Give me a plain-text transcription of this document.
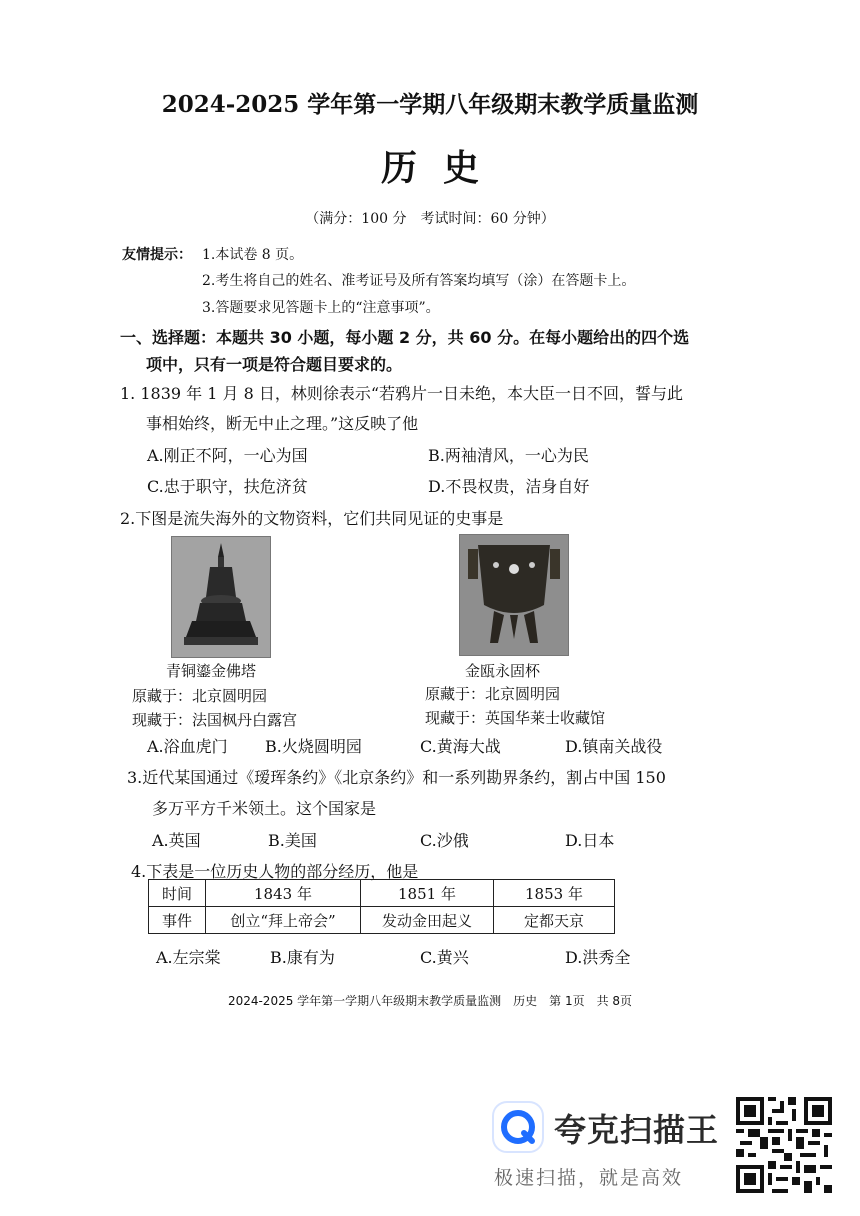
2024-2025 学年第一学期八年级期末教学质量监测
历史
（满分：100 分　考试时间：60 分钟）
友情提示： 1.本试卷 8 页。
2.考生将自己的姓名、准考证号及所有答案均填写（涂）在答题卡上。
3.答题要求见答题卡上的“注意事项”。
一、选择题：本题共 30 小题，每小题 2 分，共 60 分。在每小题给出的四个选
项中，只有一项是符合题目要求的。
1. 1839 年 1 月 8 日，林则徐表示“若鸦片一日未绝，本大臣一日不回，誓与此
事相始终，断无中止之理。”这反映了他
A.刚正不阿，一心为国	B.两袖清风，一心为民
C.忠于职守，扶危济贫	D.不畏权贵，洁身自好
2.下图是流失海外的文物资料，它们共同见证的史事是
青铜鎏金佛塔
原藏于：北京圆明园
现藏于：法国枫丹白露宫
金瓯永固杯
原藏于：北京圆明园
现藏于：英国华莱士收藏馆
A.浴血虎门 B.火烧圆明园	C.黄海大战	D.镇南关战役
3.近代某国通过《瑷珲条约》《北京条约》和一系列勘界条约，割占中国 150
多万平方千米领土。这个国家是
A.英国	B.美国	C.沙俄	D.日本
4.下表是一位历史人物的部分经历，他是
时间	1843 年	1851 年	1853 年
事件	创立“拜上帝会”	发动金田起义	定都天京
A.左宗棠	B.康有为	C.黄兴	D.洪秀全
2024-2025 学年第一学期八年级期末教学质量监测　历史　第 1页　共 8页
夸克扫描王
极速扫描，就是高效
